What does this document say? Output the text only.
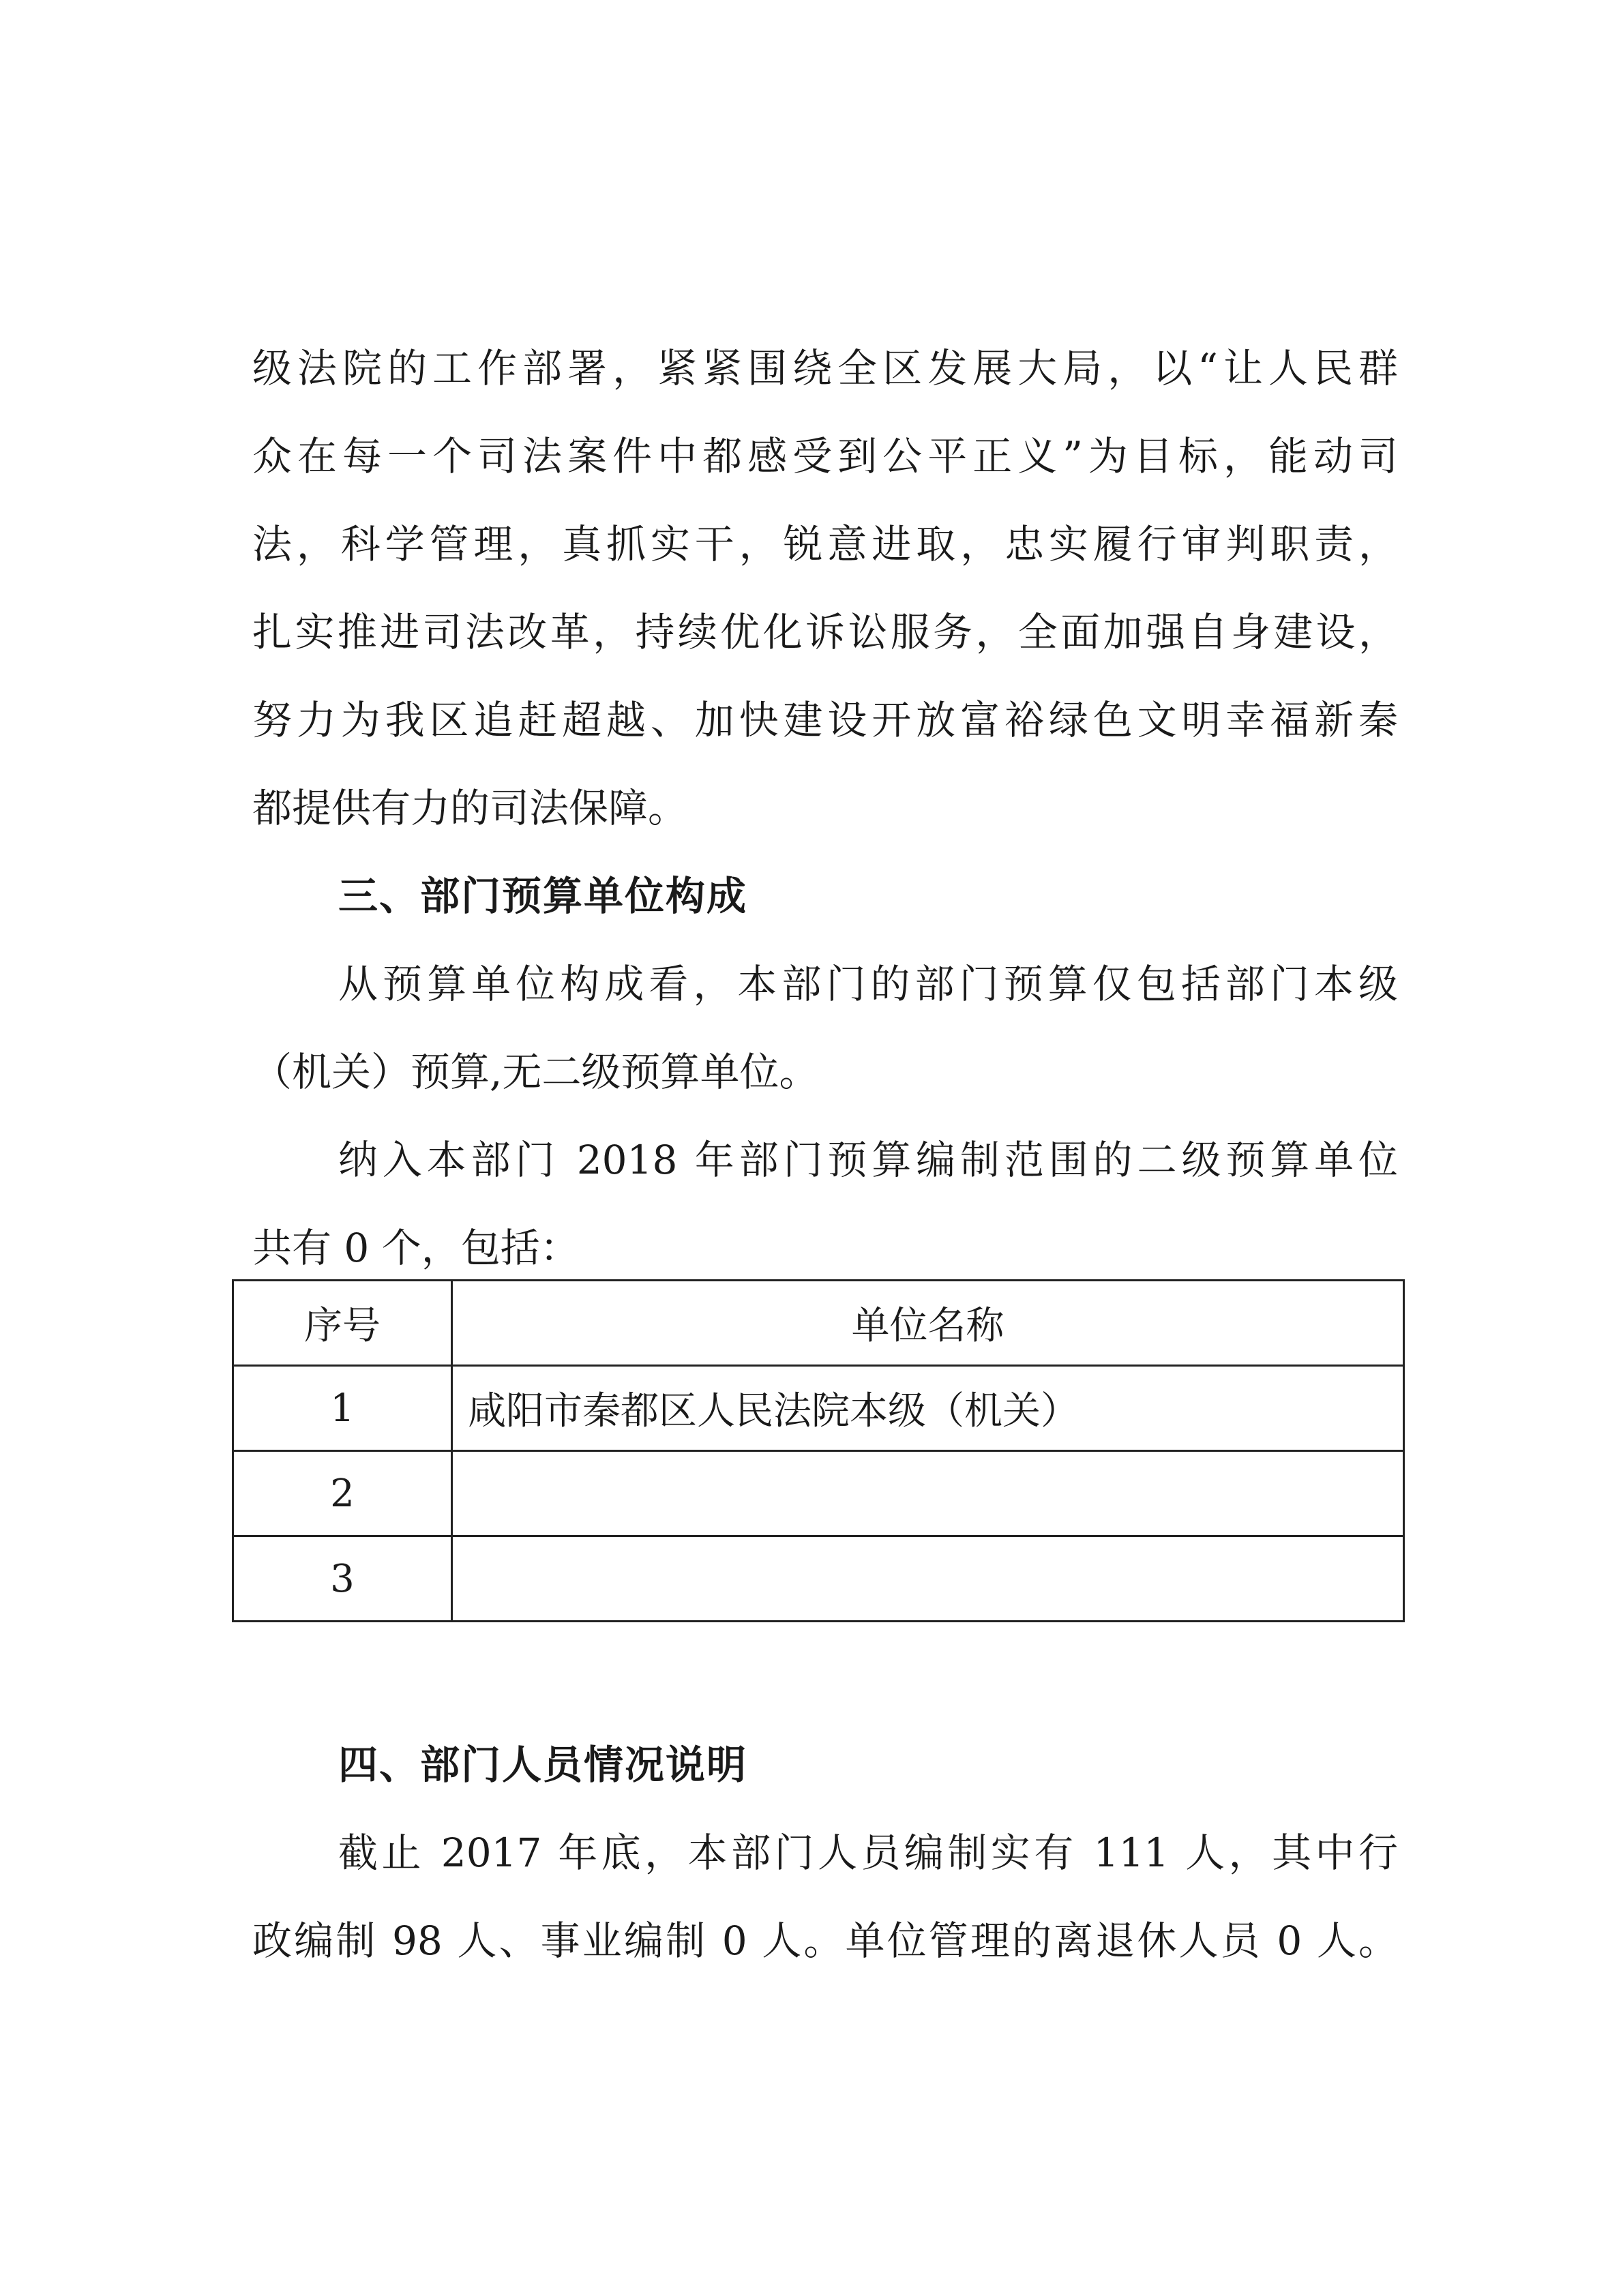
级法院的工作部署，紧紧围绕全区发展大局，以“让人民群
众在每一个司法案件中都感受到公平正义”为目标，能动司
法，科学管理，真抓实干，锐意进取，忠实履行审判职责，
扎实推进司法改革，持续优化诉讼服务，全面加强自身建设，
努力为我区追赶超越、加快建设开放富裕绿色文明幸福新秦
都提供有力的司法保障。
三、部门预算单位构成
从预算单位构成看，本部门的部门预算仅包括部门本级
（机关）预算,无二级预算单位。
纳入本部门 2018 年部门预算编制范围的二级预算单位
共有 0 个，包括：
序号	单位名称
1	咸阳市秦都区人民法院本级（机关）
2	
3	
四、部门人员情况说明
截止 2017 年底，本部门人员编制实有 111 人，其中行
政编制 98 人、事业编制 0 人。单位管理的离退休人员 0 人。
